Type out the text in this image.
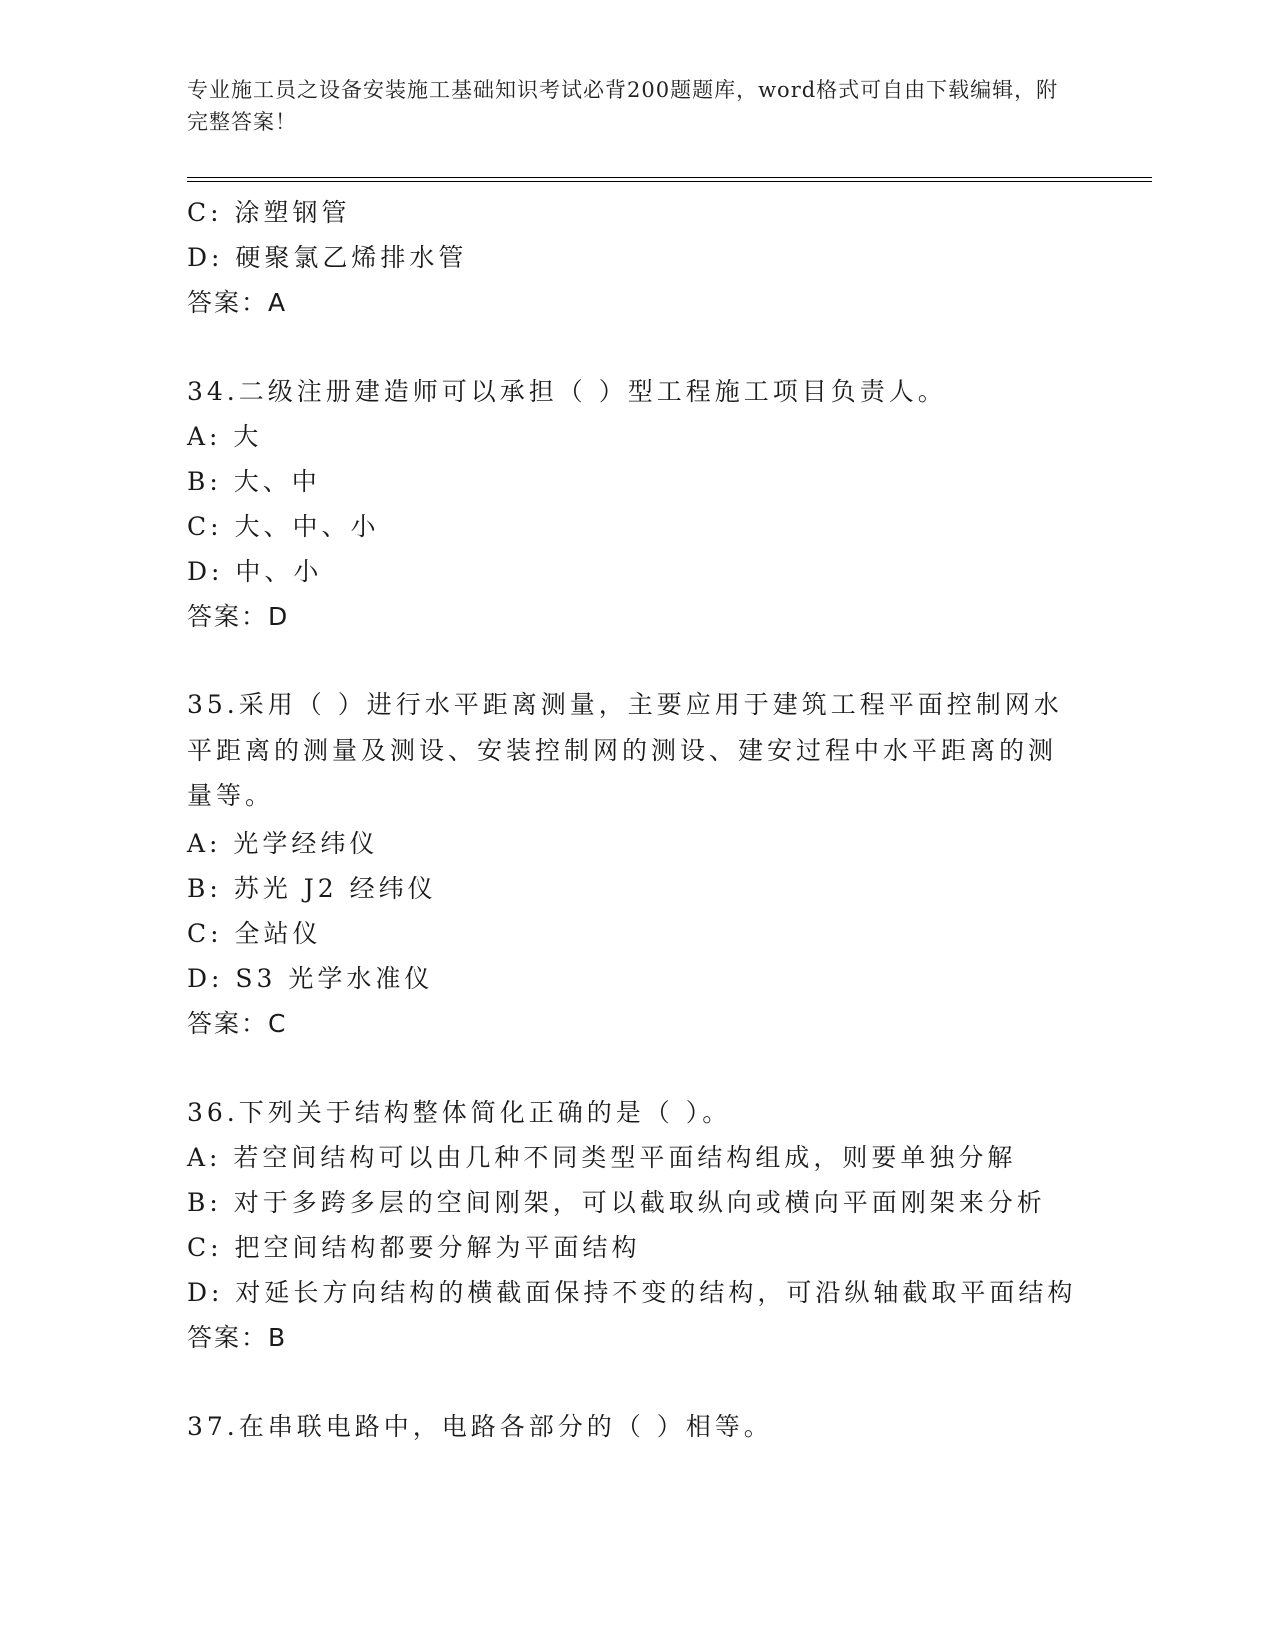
专业施工员之设备安装施工基础知识考试必背200题题库，word格式可自由下载编辑，附完整答案！
C: 涂塑钢管
D: 硬聚氯乙烯排水管
答案：A
34.二级注册建造师可以承担（ ）型工程施工项目负责人。
A: 大
B: 大、中
C: 大、中、小
D: 中、小
答案：D
35.采用（ ）进行水平距离测量，主要应用于建筑工程平面控制网水平距离的测量及测设、安装控制网的测设、建安过程中水平距离的测量等。
A: 光学经纬仪
B: 苏光 J2 经纬仪
C: 全站仪
D: S3 光学水准仪
答案：C
36.下列关于结构整体简化正确的是（ ）。
A: 若空间结构可以由几种不同类型平面结构组成，则要单独分解
B: 对于多跨多层的空间刚架，可以截取纵向或横向平面刚架来分析
C: 把空间结构都要分解为平面结构
D: 对延长方向结构的横截面保持不变的结构，可沿纵轴截取平面结构
答案：B
37.在串联电路中，电路各部分的（ ）相等。
